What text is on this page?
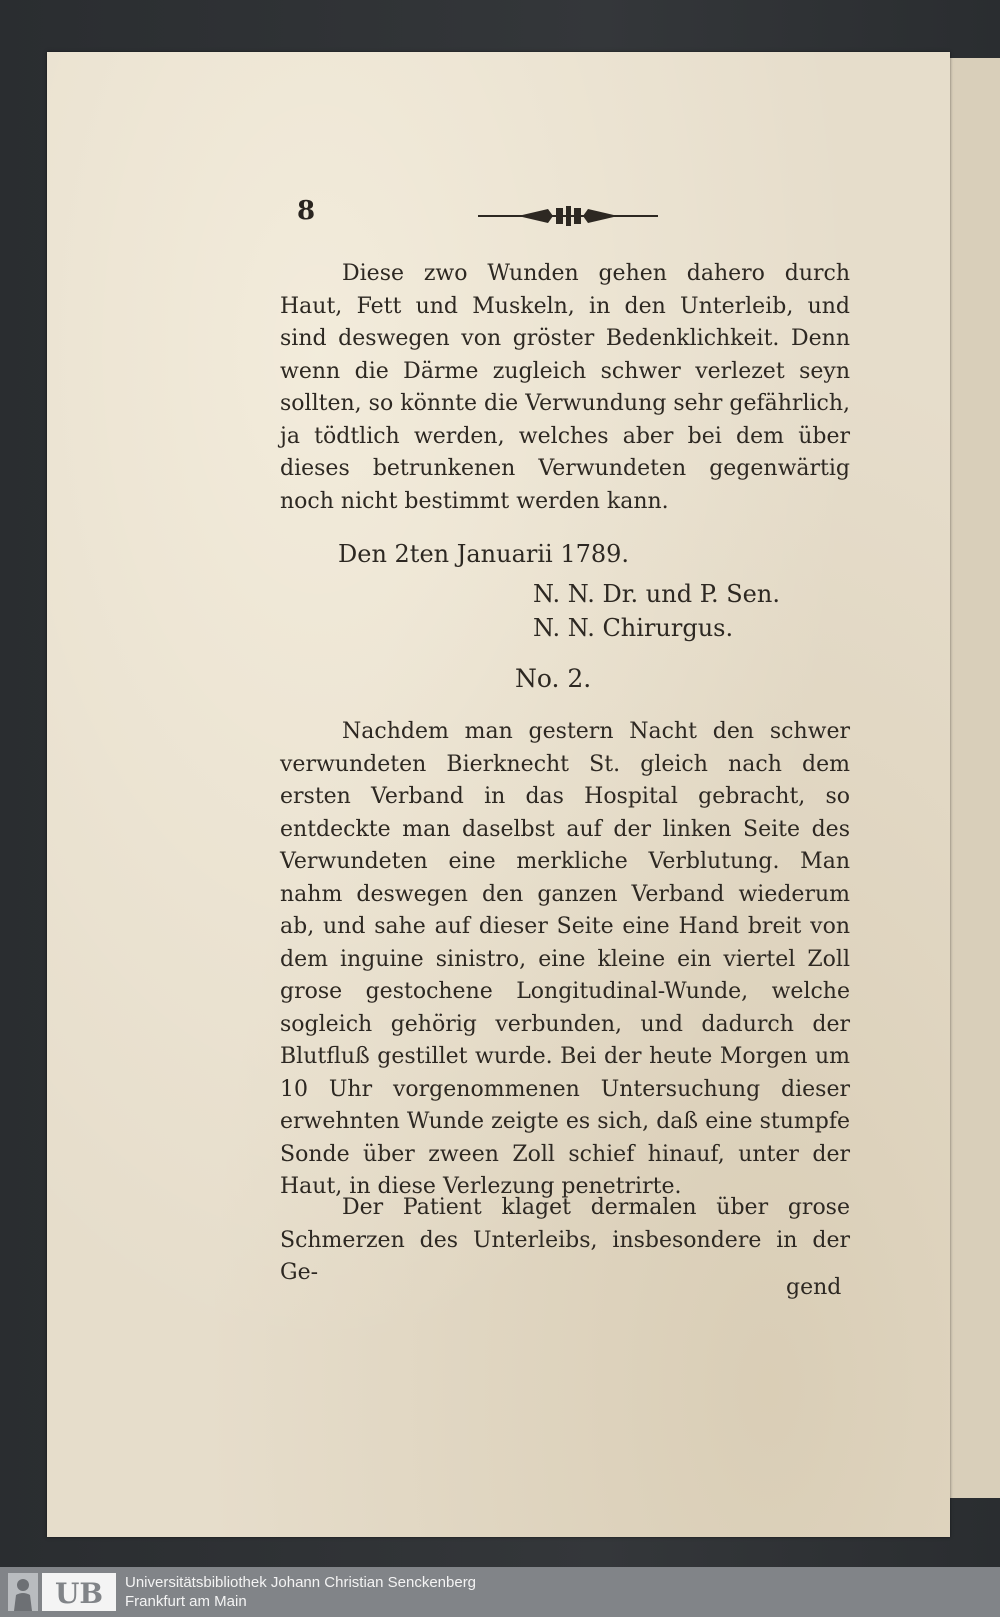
8

Diese zwo Wunden gehen dahero durch Haut, Fett und Muskeln, in den Unterleib, und sind deswegen von gröster Bedenklichkeit. Denn wenn die Därme zugleich schwer verlezet seyn sollten, so könnte die Verwundung sehr gefährlich, ja tödtlich werden, welches aber bei dem über dieses betrunkenen Verwundeten gegenwärtig noch nicht bestimmt werden kann.

Den 2ten Januarii 1789.
N. N. Dr. und P. Sen.
N. N. Chirurgus.
No. 2.

Nachdem man gestern Nacht den schwer verwundeten Bierknecht St. gleich nach dem ersten Verband in das Hospital gebracht, so entdeckte man daselbst auf der linken Seite des Verwundeten eine merkliche Verblutung. Man nahm deswegen den ganzen Verband wiederum ab, und sahe auf dieser Seite eine Hand breit von dem inguine sinistro, eine kleine ein viertel Zoll grose gestochene Longitudinal-Wunde, welche sogleich gehörig verbunden, und dadurch der Blutfluß gestillet wurde. Bei der heute Morgen um 10 Uhr vorgenommenen Untersuchung dieser erwehnten Wunde zeigte es sich, daß eine stumpfe Sonde über zween Zoll schief hinauf, unter der Haut, in diese Verlezung penetrirte.

Der Patient klaget dermalen über grose Schmerzen des Unterleibs, insbesondere in der Ge-

gend
UB Universitätsbibliothek Johann Christian Senckenberg
Frankfurt am Main
